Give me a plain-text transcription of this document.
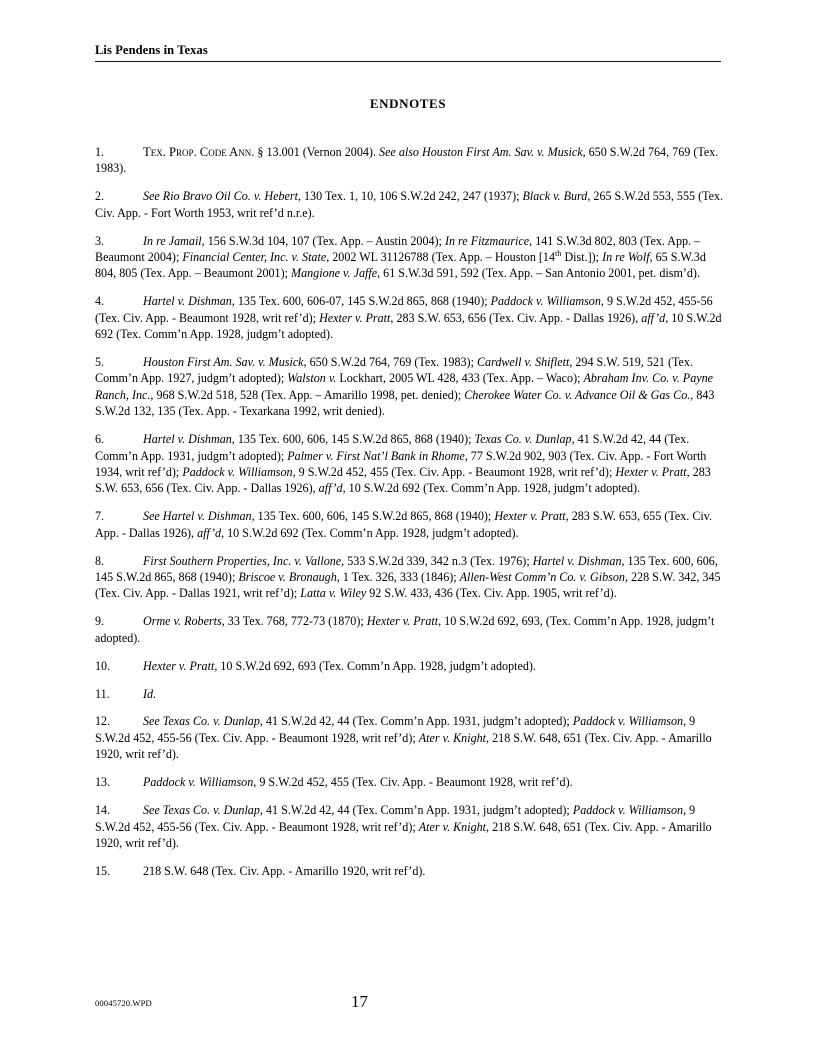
Lis Pendens in Texas
ENDNOTES
1.	Tex. Prop. Code Ann. § 13.001 (Vernon 2004). See also Houston First Am. Sav. v. Musick, 650 S.W.2d 764, 769 (Tex. 1983).
2.	See Rio Bravo Oil Co. v. Hebert, 130 Tex. 1, 10, 106 S.W.2d 242, 247 (1937); Black v. Burd, 265 S.W.2d 553, 555 (Tex. Civ. App. - Fort Worth 1953, writ ref’d n.r.e).
3.	In re Jamail, 156 S.W.3d 104, 107 (Tex. App. – Austin 2004); In re Fitzmaurice, 141 S.W.3d 802, 803 (Tex. App. – Beaumont 2004); Financial Center, Inc. v. State, 2002 WL 31126788 (Tex. App. – Houston [14th Dist.]); In re Wolf, 65 S.W.3d 804, 805 (Tex. App. – Beaumont 2001); Mangione v. Jaffe, 61 S.W.3d 591, 592 (Tex. App. – San Antonio 2001, pet. dism’d).
4.	Hartel v. Dishman, 135 Tex. 600, 606-07, 145 S.W.2d 865, 868 (1940); Paddock v. Williamson, 9 S.W.2d 452, 455-56 (Tex. Civ. App. - Beaumont 1928, writ ref’d); Hexter v. Pratt, 283 S.W. 653, 656 (Tex. Civ. App. - Dallas 1926), aff’d, 10 S.W.2d 692 (Tex. Comm’n App. 1928, judgm’t adopted).
5.	Houston First Am. Sav. v. Musick, 650 S.W.2d 764, 769 (Tex. 1983); Cardwell v. Shiflett, 294 S.W. 519, 521 (Tex. Comm’n App. 1927, judgm’t adopted); Walston v. Lockhart, 2005 WL 428, 433 (Tex. App. – Waco); Abraham Inv. Co. v. Payne Ranch, Inc., 968 S.W.2d 518, 528 (Tex. App. – Amarillo 1998, pet. denied); Cherokee Water Co. v. Advance Oil & Gas Co., 843 S.W.2d 132, 135 (Tex. App. - Texarkana 1992, writ denied).
6.	Hartel v. Dishman, 135 Tex. 600, 606, 145 S.W.2d 865, 868 (1940); Texas Co. v. Dunlap, 41 S.W.2d 42, 44 (Tex. Comm’n App. 1931, judgm’t adopted); Palmer v. First Nat’l Bank in Rhome, 77 S.W.2d 902, 903 (Tex. Civ. App. - Fort Worth 1934, writ ref’d); Paddock v. Williamson, 9 S.W.2d 452, 455 (Tex. Civ. App. - Beaumont 1928, writ ref’d); Hexter v. Pratt, 283 S.W. 653, 656 (Tex. Civ. App. - Dallas 1926), aff’d, 10 S.W.2d 692 (Tex. Comm’n App. 1928, judgm’t adopted).
7.	See Hartel v. Dishman, 135 Tex. 600, 606, 145 S.W.2d 865, 868 (1940); Hexter v. Pratt, 283 S.W. 653, 655 (Tex. Civ. App. - Dallas 1926), aff’d, 10 S.W.2d 692 (Tex. Comm’n App. 1928, judgm’t adopted).
8.	First Southern Properties, Inc. v. Vallone, 533 S.W.2d 339, 342 n.3 (Tex. 1976); Hartel v. Dishman, 135 Tex. 600, 606, 145 S.W.2d 865, 868 (1940); Briscoe v. Bronaugh, 1 Tex. 326, 333 (1846); Allen-West Comm’n Co. v. Gibson, 228 S.W. 342, 345 (Tex. Civ. App. - Dallas 1921, writ ref’d); Latta v. Wiley 92 S.W. 433, 436 (Tex. Civ. App. 1905, writ ref’d).
9.	Orme v. Roberts, 33 Tex. 768, 772-73 (1870); Hexter v. Pratt, 10 S.W.2d 692, 693, (Tex. Comm’n App. 1928, judgm’t adopted).
10.	Hexter v. Pratt, 10 S.W.2d 692, 693 (Tex. Comm’n App. 1928, judgm’t adopted).
11.	Id.
12.	See Texas Co. v. Dunlap, 41 S.W.2d 42, 44 (Tex. Comm’n App. 1931, judgm’t adopted); Paddock v. Williamson, 9 S.W.2d 452, 455-56 (Tex. Civ. App. - Beaumont 1928, writ ref’d); Ater v. Knight, 218 S.W. 648, 651 (Tex. Civ. App. - Amarillo 1920, writ ref’d).
13.	Paddock v. Williamson, 9 S.W.2d 452, 455 (Tex. Civ. App. - Beaumont 1928, writ ref’d).
14.	See Texas Co. v. Dunlap, 41 S.W.2d 42, 44 (Tex. Comm’n App. 1931, judgm’t adopted); Paddock v. Williamson, 9 S.W.2d 452, 455-56 (Tex. Civ. App. - Beaumont 1928, writ ref’d); Ater v. Knight, 218 S.W. 648, 651 (Tex. Civ. App. - Amarillo 1920, writ ref’d).
15.	218 S.W. 648 (Tex. Civ. App. - Amarillo 1920, writ ref’d).
00045720.WPD	17
